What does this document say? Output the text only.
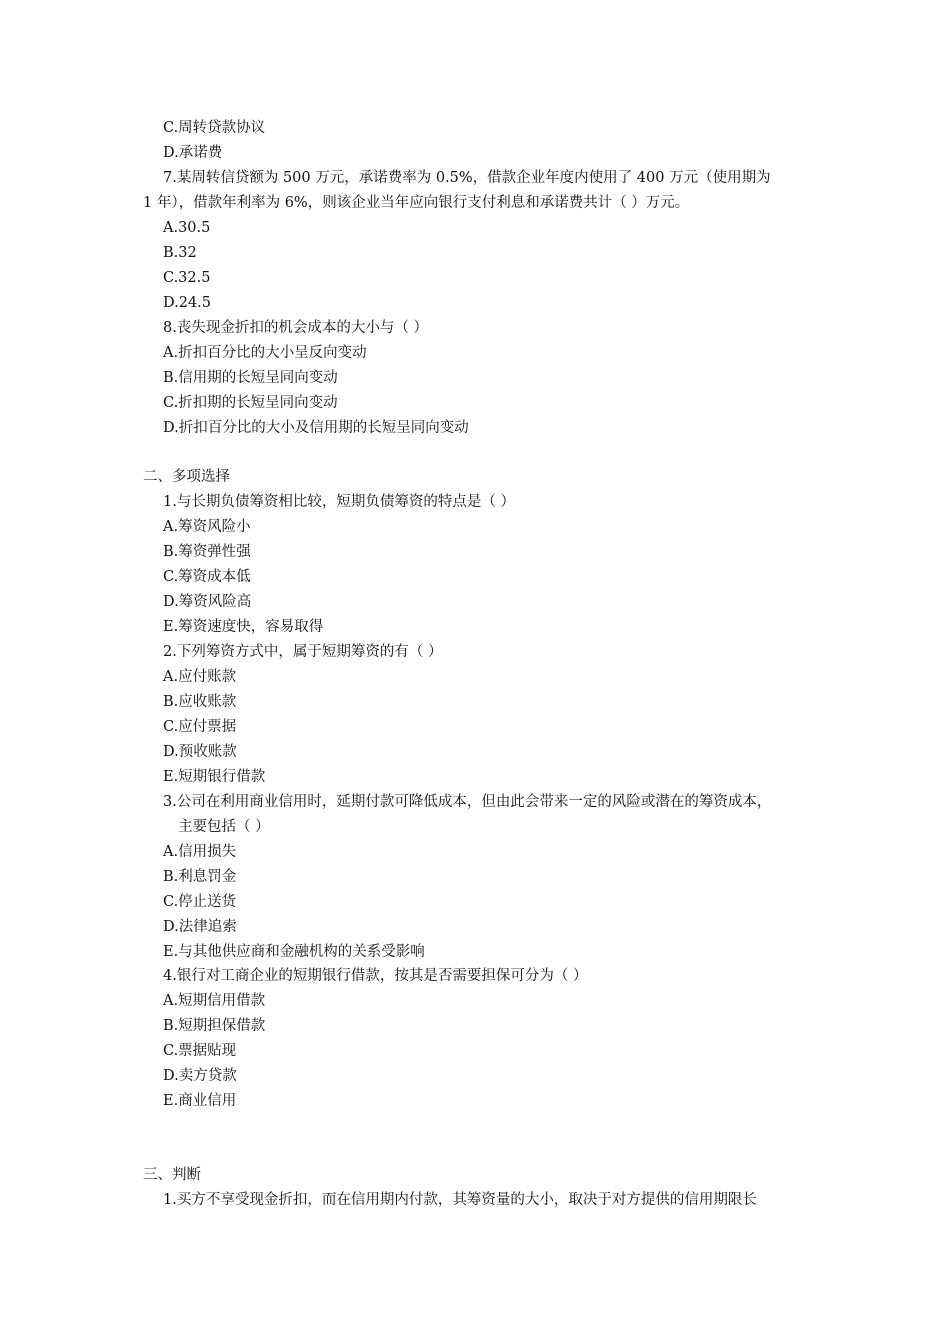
C.周转贷款协议
D.承诺费
7.某周转信贷额为 500 万元，承诺费率为 0.5%，借款企业年度内使用了 400 万元（使用期为
1 年），借款年利率为 6%，则该企业当年应向银行支付利息和承诺费共计（ ）万元。
A.30.5
B.32
C.32.5
D.24.5
8.丧失现金折扣的机会成本的大小与（ ）
A.折扣百分比的大小呈反向变动
B.信用期的长短呈同向变动
C.折扣期的长短呈同向变动
D.折扣百分比的大小及信用期的长短呈同向变动
二、多项选择
1.与长期负债筹资相比较，短期负债筹资的特点是（ ）
A.筹资风险小
B.筹资弹性强
C.筹资成本低
D.筹资风险高
E.筹资速度快，容易取得
2.下列筹资方式中，属于短期筹资的有（ ）
A.应付账款
B.应收账款
C.应付票据
D.预收账款
E.短期银行借款
3.公司在利用商业信用时，延期付款可降低成本，但由此会带来一定的风险或潜在的筹资成本，
主要包括（ ）
A.信用损失
B.利息罚金
C.停止送货
D.法律追索
E.与其他供应商和金融机构的关系受影响
4.银行对工商企业的短期银行借款，按其是否需要担保可分为（ ）
A.短期信用借款
B.短期担保借款
C.票据贴现
D.卖方贷款
E.商业信用
三、判断
1.买方不享受现金折扣，而在信用期内付款，其筹资量的大小，取决于对方提供的信用期限长
